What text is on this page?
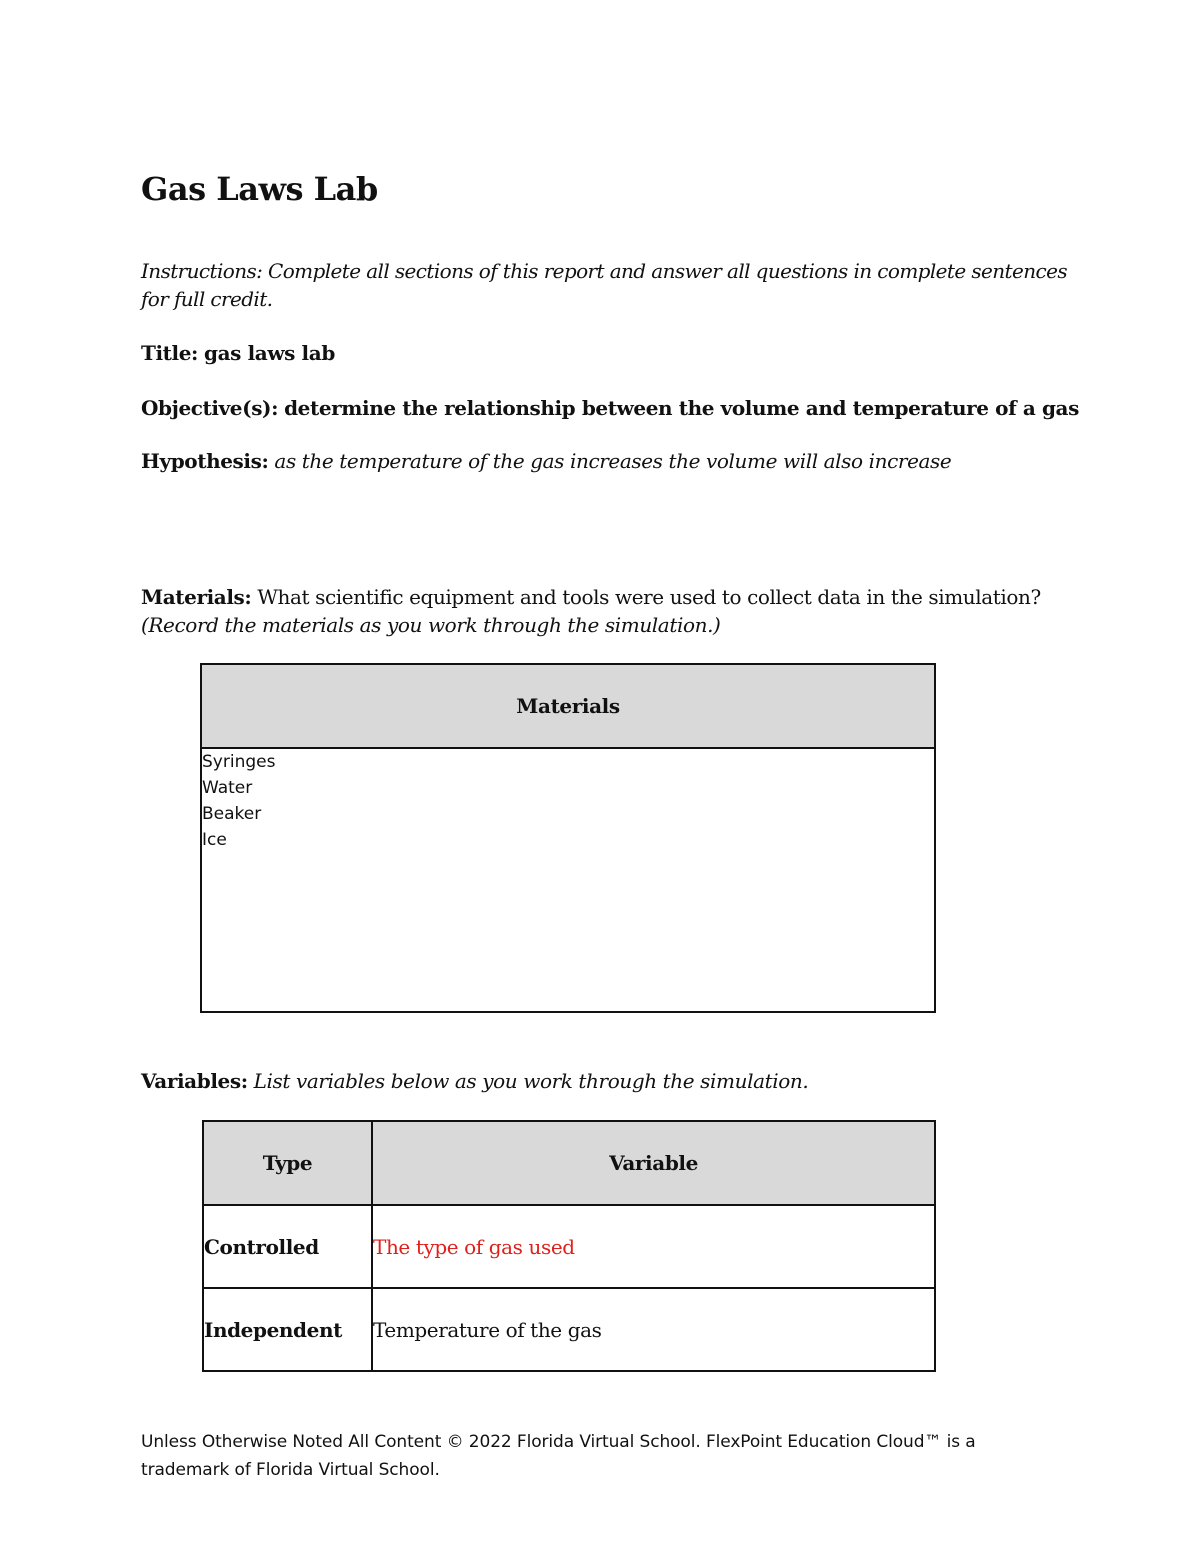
Gas Laws Lab

Instructions: Complete all sections of this report and answer all questions in complete sentences for full credit.

Title: gas laws lab

Objective(s): determine the relationship between the volume and temperature of a gas

Hypothesis: as the temperature of the gas increases the volume will also increase

Materials: What scientific equipment and tools were used to collect data in the simulation?
(Record the materials as you work through the simulation.)

Materials

Syringes
Water
Beaker
Ice

Variables: List variables below as you work through the simulation.

Type	Variable
Controlled	The type of gas used
Independent	Temperature of the gas

Unless Otherwise Noted All Content © 2022 Florida Virtual School. FlexPoint Education Cloud™ is a trademark of Florida Virtual School.
